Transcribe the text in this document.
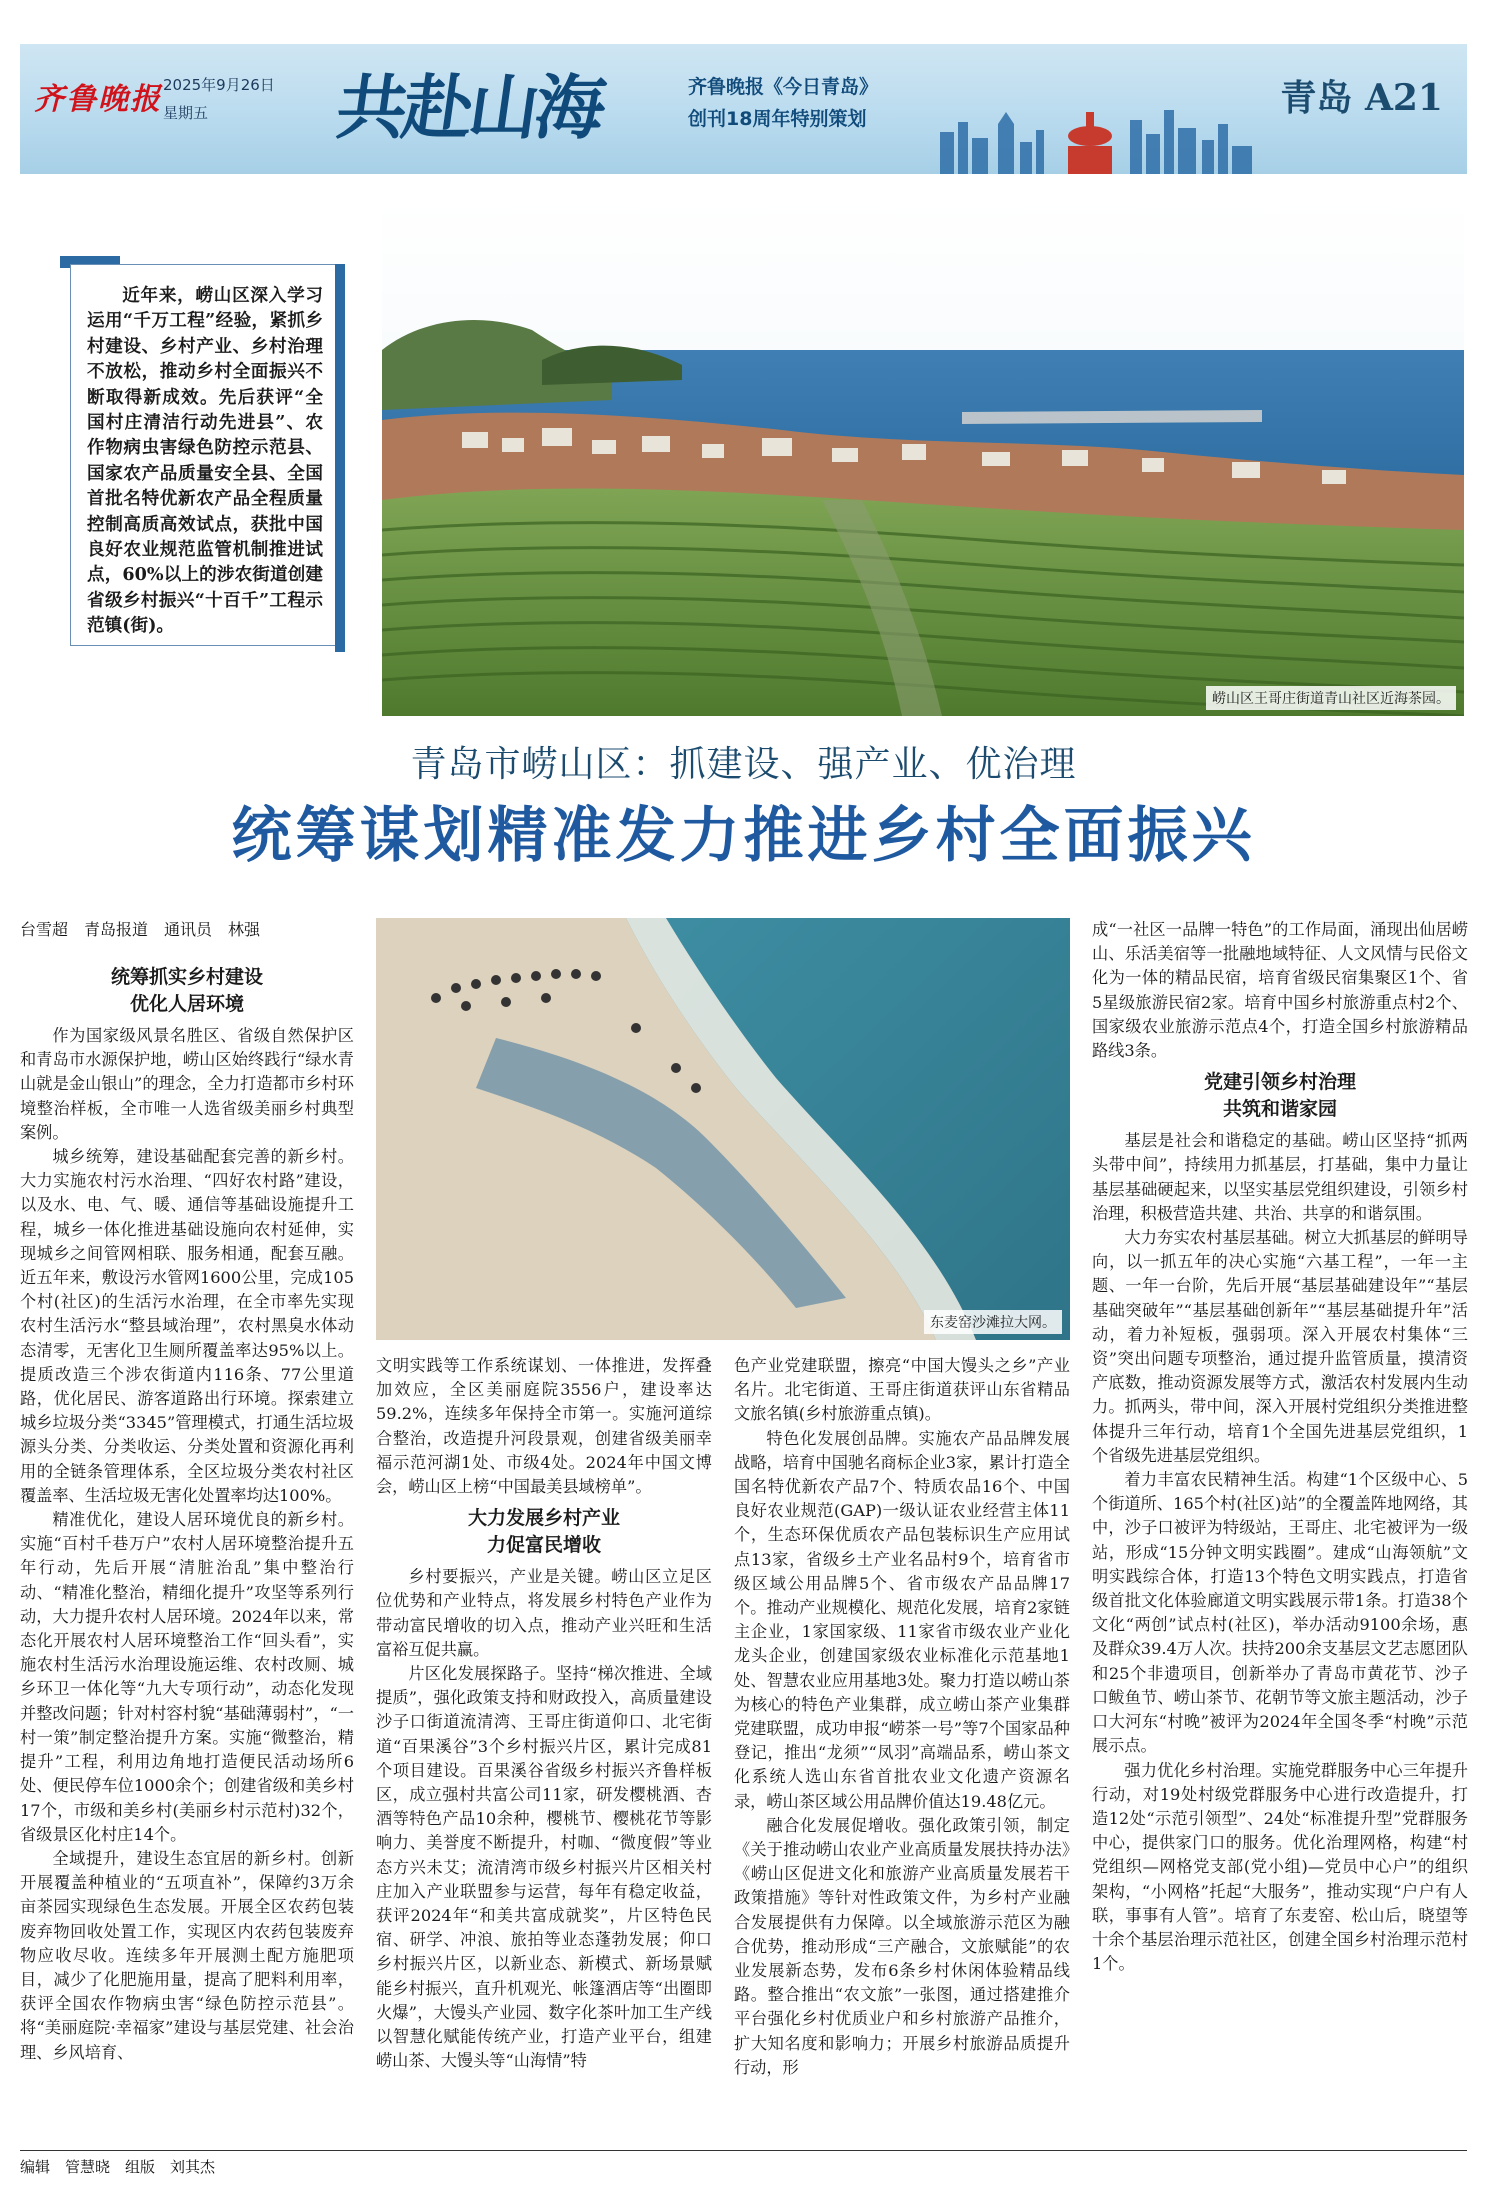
齐鲁晚报 2025年9月26日
星期五 共赴山海	齐鲁晚报《今日青岛》
创刊18周年特别策划	青岛 A21
崂山区王哥庄街道青山社区近海茶园。

近年来，崂山区深入学习运用“千万工程”经验，紧抓乡村建设、乡村产业、乡村治理不放松，推动乡村全面振兴不断取得新成效。先后获评“全国村庄清洁行动先进县”、农作物病虫害绿色防控示范县、国家农产品质量安全县、全国首批名特优新农产品全程质量控制高质高效试点，获批中国良好农业规范监管机制推进试点，60%以上的涉农街道创建省级乡村振兴“十百千”工程示范镇(街)。

青岛市崂山区：抓建设、强产业、优治理
统筹谋划精准发力推进乡村全面振兴
台雪超　青岛报道　通讯员　林强
统筹抓实乡村建设
优化人居环境

作为国家级风景名胜区、省级自然保护区和青岛市水源保护地，崂山区始终践行“绿水青山就是金山银山”的理念，全力打造都市乡村环境整治样板，全市唯一人选省级美丽乡村典型案例。

城乡统筹，建设基础配套完善的新乡村。大力实施农村污水治理、“四好农村路”建设，以及水、电、气、暖、通信等基础设施提升工程，城乡一体化推进基础设施向农村延伸，实现城乡之间管网相联、服务相通，配套互融。近五年来，敷设污水管网1600公里，完成105个村(社区)的生活污水治理，在全市率先实现农村生活污水“整县域治理”，农村黑臭水体动态清零，无害化卫生厕所覆盖率达95%以上。提质改造三个涉农街道内116条、77公里道路，优化居民、游客道路出行环境。探索建立城乡垃圾分类“3345”管理模式，打通生活垃圾源头分类、分类收运、分类处置和资源化再利用的全链条管理体系，全区垃圾分类农村社区覆盖率、生活垃圾无害化处置率均达100%。

精准优化，建设人居环境优良的新乡村。实施“百村千巷万户”农村人居环境整治提升五年行动，先后开展“清脏治乱”集中整治行动、“精准化整治，精细化提升”攻坚等系列行动，大力提升农村人居环境。2024年以来，常态化开展农村人居环境整治工作“回头看”，实施农村生活污水治理设施运维、农村改厕、城乡环卫一体化等“九大专项行动”，动态化发现并整改问题；针对村容村貌“基础薄弱村”，“一村一策”制定整治提升方案。实施“微整治，精提升”工程，利用边角地打造便民活动场所6处、便民停车位1000余个；创建省级和美乡村17个，市级和美乡村(美丽乡村示范村)32个，省级景区化村庄14个。

全域提升，建设生态宜居的新乡村。创新开展覆盖种植业的“五项直补”，保障约3万余亩茶园实现绿色生态发展。开展全区农药包装废弃物回收处置工作，实现区内农药包装废弃物应收尽收。连续多年开展测土配方施肥项目，减少了化肥施用量，提高了肥料利用率，获评全国农作物病虫害“绿色防控示范县”。将“美丽庭院·幸福家”建设与基层党建、社会治理、乡风培育、

东麦窑沙滩拉大网。

文明实践等工作系统谋划、一体推进，发挥叠加效应，全区美丽庭院3556户，建设率达59.2%，连续多年保持全市第一。实施河道综合整治，改造提升河段景观，创建省级美丽幸福示范河湖1处、市级4处。2024年中国文博会，崂山区上榜“中国最美县域榜单”。

大力发展乡村产业
力促富民增收

乡村要振兴，产业是关键。崂山区立足区位优势和产业特点，将发展乡村特色产业作为带动富民增收的切入点，推动产业兴旺和生活富裕互促共赢。

片区化发展探路子。坚持“梯次推进、全域提质”，强化政策支持和财政投入，高质量建设沙子口街道流清湾、王哥庄街道仰口、北宅街道“百果溪谷”3个乡村振兴片区，累计完成81个项目建设。百果溪谷省级乡村振兴齐鲁样板区，成立强村共富公司11家，研发樱桃酒、杏酒等特色产品10余种，樱桃节、樱桃花节等影响力、美誉度不断提升，村咖、“微度假”等业态方兴未艾；流清湾市级乡村振兴片区相关村庄加入产业联盟参与运营，每年有稳定收益，获评2024年“和美共富成就奖”，片区特色民宿、研学、冲浪、旅拍等业态蓬勃发展；仰口乡村振兴片区，以新业态、新模式、新场景赋能乡村振兴，直升机观光、帐篷酒店等“出圈即火爆”，大馒头产业园、数字化茶叶加工生产线以智慧化赋能传统产业，打造产业平台，组建崂山茶、大馒头等“山海情”特

色产业党建联盟，擦亮“中国大馒头之乡”产业名片。北宅街道、王哥庄街道获评山东省精品文旅名镇(乡村旅游重点镇)。

特色化发展创品牌。实施农产品品牌发展战略，培育中国驰名商标企业3家，累计打造全国名特优新农产品7个、特质农品16个、中国良好农业规范(GAP)一级认证农业经营主体11个，生态环保优质农产品包装标识生产应用试点13家，省级乡土产业名品村9个，培育省市级区域公用品牌5个、省市级农产品品牌17个。推动产业规模化、规范化发展，培育2家链主企业，1家国家级、11家省市级农业产业化龙头企业，创建国家级农业标准化示范基地1处、智慧农业应用基地3处。聚力打造以崂山茶为核心的特色产业集群，成立崂山茶产业集群党建联盟，成功申报“崂茶一号”等7个国家品种登记，推出“龙须”“凤羽”高端品系，崂山茶文化系统人选山东省首批农业文化遗产资源名录，崂山茶区域公用品牌价值达19.48亿元。

融合化发展促增收。强化政策引领，制定《关于推动崂山农业产业高质量发展扶持办法》《崂山区促进文化和旅游产业高质量发展若干政策措施》等针对性政策文件，为乡村产业融合发展提供有力保障。以全域旅游示范区为融合优势，推动形成“三产融合，文旅赋能”的农业发展新态势，发布6条乡村休闲体验精品线路。整合推出“农文旅”一张图，通过搭建推介平台强化乡村优质业户和乡村旅游产品推介，扩大知名度和影响力；开展乡村旅游品质提升行动，形

成“一社区一品牌一特色”的工作局面，涌现出仙居崂山、乐活美宿等一批融地域特征、人文风情与民俗文化为一体的精品民宿，培育省级民宿集聚区1个、省5星级旅游民宿2家。培育中国乡村旅游重点村2个、国家级农业旅游示范点4个，打造全国乡村旅游精品路线3条。

党建引领乡村治理
共筑和谐家园

基层是社会和谐稳定的基础。崂山区坚持“抓两头带中间”，持续用力抓基层，打基础，集中力量让基层基础硬起来，以坚实基层党组织建设，引领乡村治理，积极营造共建、共治、共享的和谐氛围。

大力夯实农村基层基础。树立大抓基层的鲜明导向，以一抓五年的决心实施“六基工程”，一年一主题、一年一台阶，先后开展“基层基础建设年”“基层基础突破年”“基层基础创新年”“基层基础提升年”活动，着力补短板，强弱项。深入开展农村集体“三资”突出问题专项整治，通过提升监管质量，摸清资产底数，推动资源发展等方式，激活农村发展内生动力。抓两头，带中间，深入开展村党组织分类推进整体提升三年行动，培育1个全国先进基层党组织，1个省级先进基层党组织。

着力丰富农民精神生活。构建“1个区级中心、5个街道所、165个村(社区)站”的全覆盖阵地网络，其中，沙子口被评为特级站，王哥庄、北宅被评为一级站，形成“15分钟文明实践圈”。建成“山海领航”文明实践综合体，打造13个特色文明实践点，打造省级首批文化体验廊道文明实践展示带1条。打造38个文化“两创”试点村(社区)，举办活动9100余场，惠及群众39.4万人次。扶持200余支基层文艺志愿团队和25个非遗项目，创新举办了青岛市黄花节、沙子口鲅鱼节、崂山茶节、花朝节等文旅主题活动，沙子口大河东“村晚”被评为2024年全国冬季“村晚”示范展示点。

强力优化乡村治理。实施党群服务中心三年提升行动，对19处村级党群服务中心进行改造提升，打造12处“示范引领型”、24处“标准提升型”党群服务中心，提供家门口的服务。优化治理网格，构建“村党组织—网格党支部(党小组)—党员中心户”的组织架构，“小网格”托起“大服务”，推动实现“户户有人联，事事有人管”。培育了东麦窑、松山后，晓望等十余个基层治理示范社区，创建全国乡村治理示范村1个。

编辑　管慧晓　组版　刘其杰
